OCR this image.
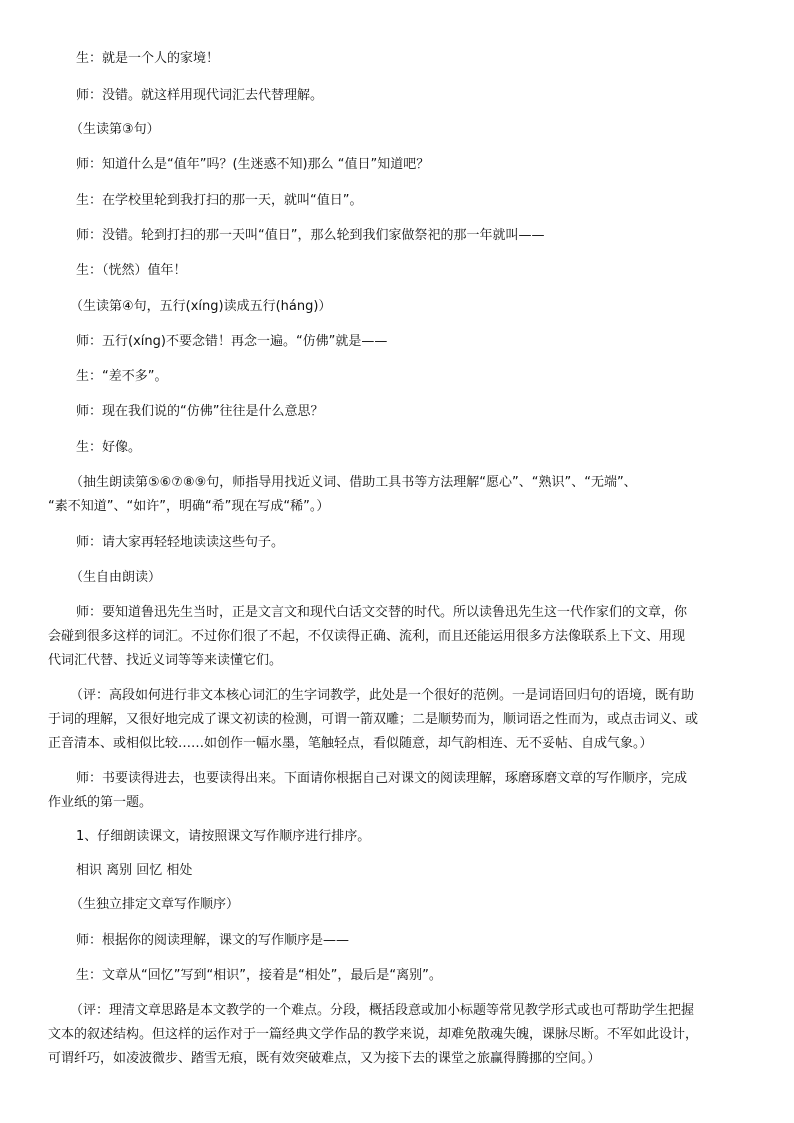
生：就是一个人的家境！
师：没错。就这样用现代词汇去代替理解。
（生读第③句）
师：知道什么是“值年”吗？(生迷惑不知)那么 “值日”知道吧？
生：在学校里轮到我打扫的那一天，就叫“值日”。
师：没错。轮到打扫的那一天叫“值日”，那么轮到我们家做祭祀的那一年就叫——
生：（恍然）值年！
（生读第④句，五行(xíng)读成五行(háng)）
师：五行(xíng)不要念错！再念一遍。“仿佛”就是——
生：“差不多”。
师：现在我们说的“仿佛”往往是什么意思？
生：好像。
（抽生朗读第⑤⑥⑦⑧⑨句，师指导用找近义词、借助工具书等方法理解“愿心”、“熟识”、“无端”、
“素不知道”、“如许”，明确“希”现在写成“稀”。）
师：请大家再轻轻地读读这些句子。
（生自由朗读）
师：要知道鲁迅先生当时，正是文言文和现代白话文交替的时代。所以读鲁迅先生这一代作家们的文章，你
会碰到很多这样的词汇。不过你们很了不起，不仅读得正确、流利，而且还能运用很多方法像联系上下文、用现
代词汇代替、找近义词等等来读懂它们。
（评：高段如何进行非文本核心词汇的生字词教学，此处是一个很好的范例。一是词语回归句的语境，既有助
于词的理解，又很好地完成了课文初读的检测，可谓一箭双雕；二是顺势而为，顺词语之性而为，或点击词义、或
正音清本、或相似比较……如创作一幅水墨，笔触轻点，看似随意，却气韵相连、无不妥帖、自成气象。）
师：书要读得进去，也要读得出来。下面请你根据自己对课文的阅读理解，琢磨琢磨文章的写作顺序，完成
作业纸的第一题。
1、仔细朗读课文，请按照课文写作顺序进行排序。
相识 离别 回忆 相处
（生独立排定文章写作顺序）
师：根据你的阅读理解，课文的写作顺序是——
生：文章从“回忆”写到“相识”，接着是“相处”，最后是“离别”。
（评：理清文章思路是本文教学的一个难点。分段，概括段意或加小标题等常见教学形式或也可帮助学生把握
文本的叙述结构。但这样的运作对于一篇经典文学作品的教学来说，却难免散魂失魄，课脉尽断。不军如此设计，
可谓纤巧，如凌波微步、踏雪无痕，既有效突破难点，又为接下去的课堂之旅赢得腾挪的空间。）
